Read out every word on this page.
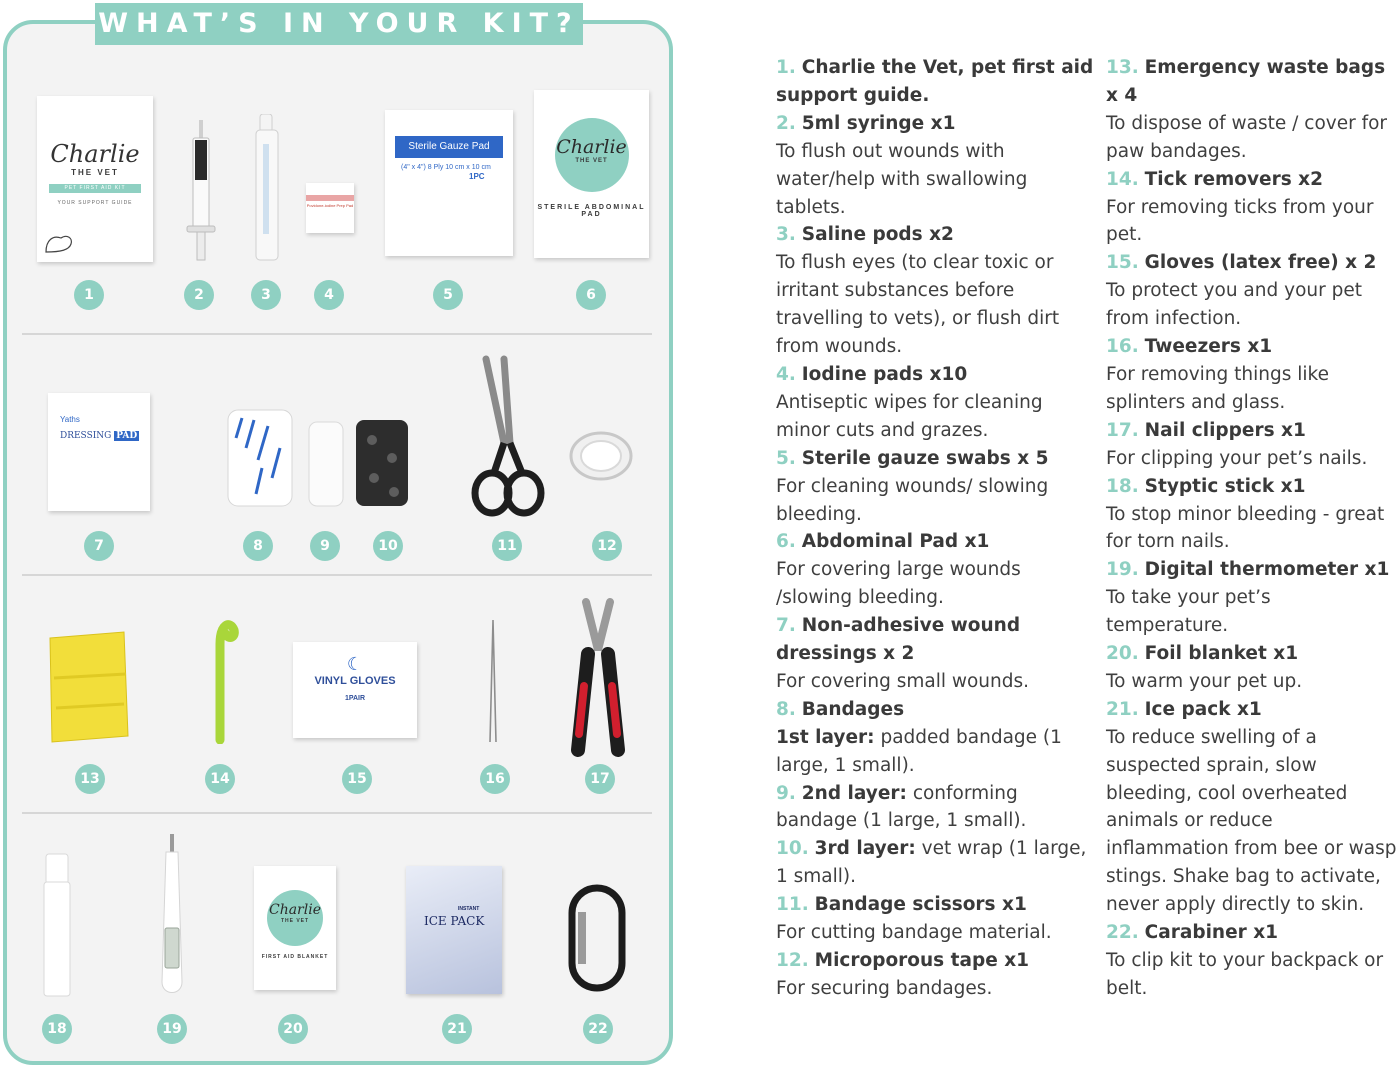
WHAT’S IN YOUR KIT?
Charlie
THE VET
PET FIRST AID KIT
YOUR SUPPORT GUIDE	Povidone-iodine Prep Pad
Sterile Gauze Pad
(4" x 4") 8 Ply 10 cm x 10 cm
1PC
Charlie
THE VET
STERILE ABDOMINAL PAD
Yaths
DRESSING PAD
☾
VINYL GLOVES
1PAIR
Charlie
THE VET
FIRST AID BLANKET
INSTANT
ICE PACK
1	2	3	4	5	6
7	8	9	10	11	12
13	14	15	16	17
18	19	20	21	22

1. Charlie the Vet, pet first aid support guide.

2. 5ml syringe x1
To flush out wounds with water/help with swallowing tablets.

3. Saline pods x2
To flush eyes (to clear toxic or irritant substances before travelling to vets), or flush dirt from wounds.

4. Iodine pads x10
Antiseptic wipes for cleaning minor cuts and grazes.

5. Sterile gauze swabs x 5
For cleaning wounds/ slowing bleeding.

6. Abdominal Pad x1
For covering large wounds /slowing bleeding.

7. Non-adhesive wound dressings x 2
For covering small wounds.

8. Bandages

1st layer: padded bandage (1 large, 1 small).

9. 2nd layer: conforming bandage (1 large, 1 small).

10. 3rd layer: vet wrap (1 large, 1 small).

11. Bandage scissors x1
For cutting bandage material.

12. Microporous tape x1
For securing bandages.

13. Emergency waste bags x 4
To dispose of waste / cover for paw bandages.

14. Tick removers x2
For removing ticks from your pet.

15. Gloves (latex free) x 2
To protect you and your pet from infection.

16. Tweezers x1
For removing things like splinters and glass.

17. Nail clippers x1
For clipping your pet’s nails.

18. Styptic stick x1
To stop minor bleeding - great for torn nails.

19. Digital thermometer x1
To take your pet’s temperature.

20. Foil blanket x1
To warm your pet up.

21. Ice pack x1
To reduce swelling of a suspected sprain, slow bleeding, cool overheated animals or reduce inflammation from bee or wasp stings. Shake bag to activate, never apply directly to skin.

22. Carabiner x1
To clip kit to your backpack or belt.
